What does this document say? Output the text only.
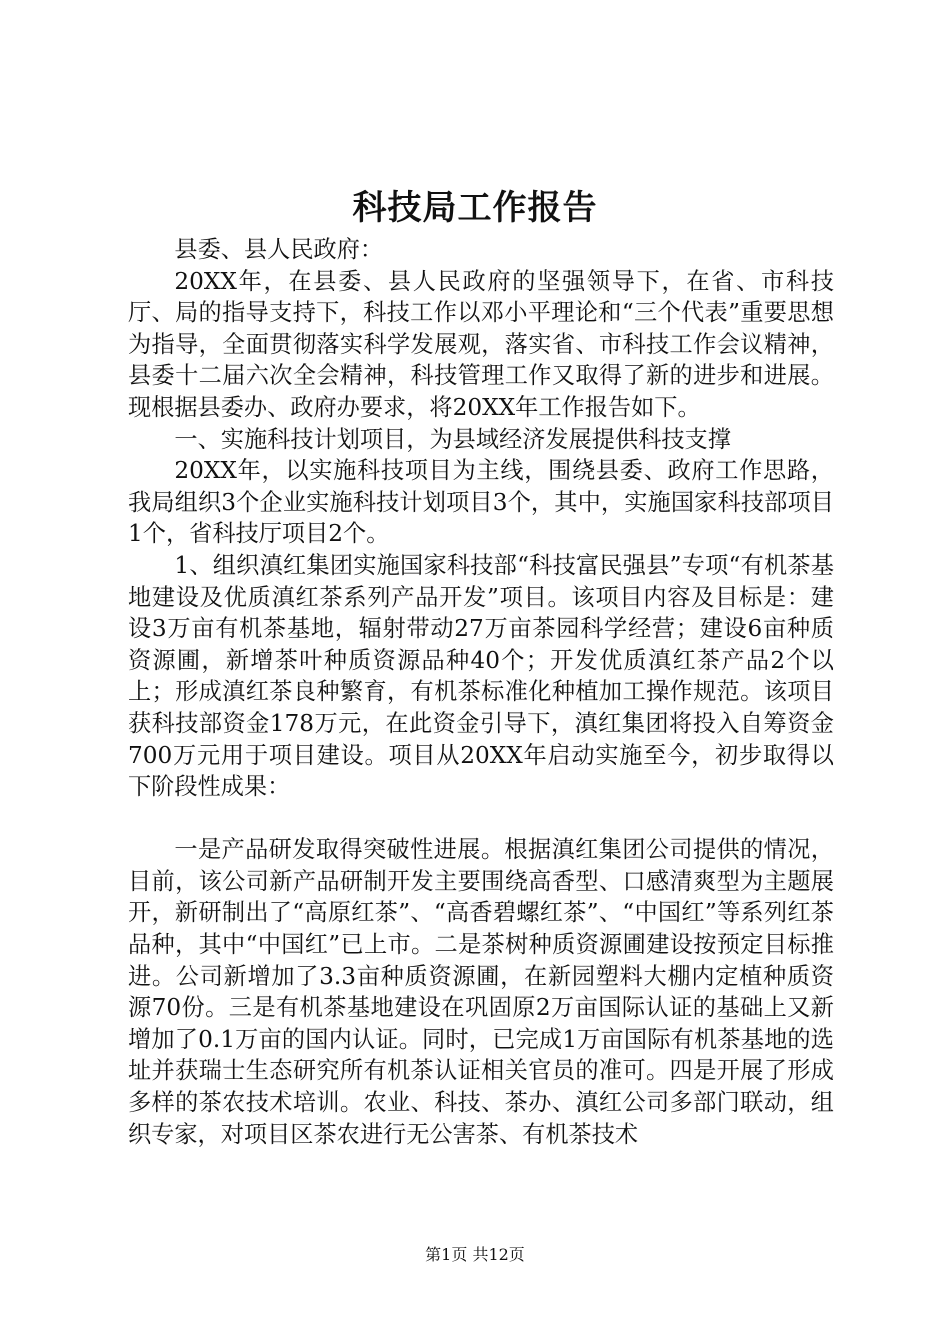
科技局工作报告

县委、县人民政府：

20XX年，在县委、县人民政府的坚强领导下，在省、市科技厅、局的指导支持下，科技工作以邓小平理论和“三个代表”重要思想为指导，全面贯彻落实科学发展观，落实省、市科技工作会议精神，县委十二届六次全会精神，科技管理工作又取得了新的进步和进展。现根据县委办、政府办要求，将20XX年工作报告如下。

一、实施科技计划项目，为县域经济发展提供科技支撑

20XX年，以实施科技项目为主线，围绕县委、政府工作思路，我局组织3个企业实施科技计划项目3个，其中，实施国家科技部项目1个，省科技厅项目2个。

1、组织滇红集团实施国家科技部“科技富民强县”专项“有机茶基地建设及优质滇红茶系列产品开发”项目。该项目内容及目标是：建设3万亩有机茶基地，辐射带动27万亩茶园科学经营；建设6亩种质资源圃，新增茶叶种质资源品种40个；开发优质滇红茶产品2个以上；形成滇红茶良种繁育，有机茶标准化种植加工操作规范。该项目获科技部资金178万元，在此资金引导下，滇红集团将投入自筹资金700万元用于项目建设。项目从20XX年启动实施至今，初步取得以下阶段性成果：

一是产品研发取得突破性进展。根据滇红集团公司提供的情况，目前，该公司新产品研制开发主要围绕高香型、口感清爽型为主题展开，新研制出了“高原红茶”、“高香碧螺红茶”、“中国红”等系列红茶品种，其中“中国红”已上市。二是茶树种质资源圃建设按预定目标推进。公司新增加了3.3亩种质资源圃，在新园塑料大棚内定植种质资源70份。三是有机茶基地建设在巩固原2万亩国际认证的基础上又新增加了0.1万亩的国内认证。同时，已完成1万亩国际有机茶基地的选址并获瑞士生态研究所有机茶认证相关官员的准可。四是开展了形成多样的茶农技术培训。农业、科技、茶办、滇红公司多部门联动，组织专家，对项目区茶农进行无公害茶、有机茶技术

第1页 共12页
